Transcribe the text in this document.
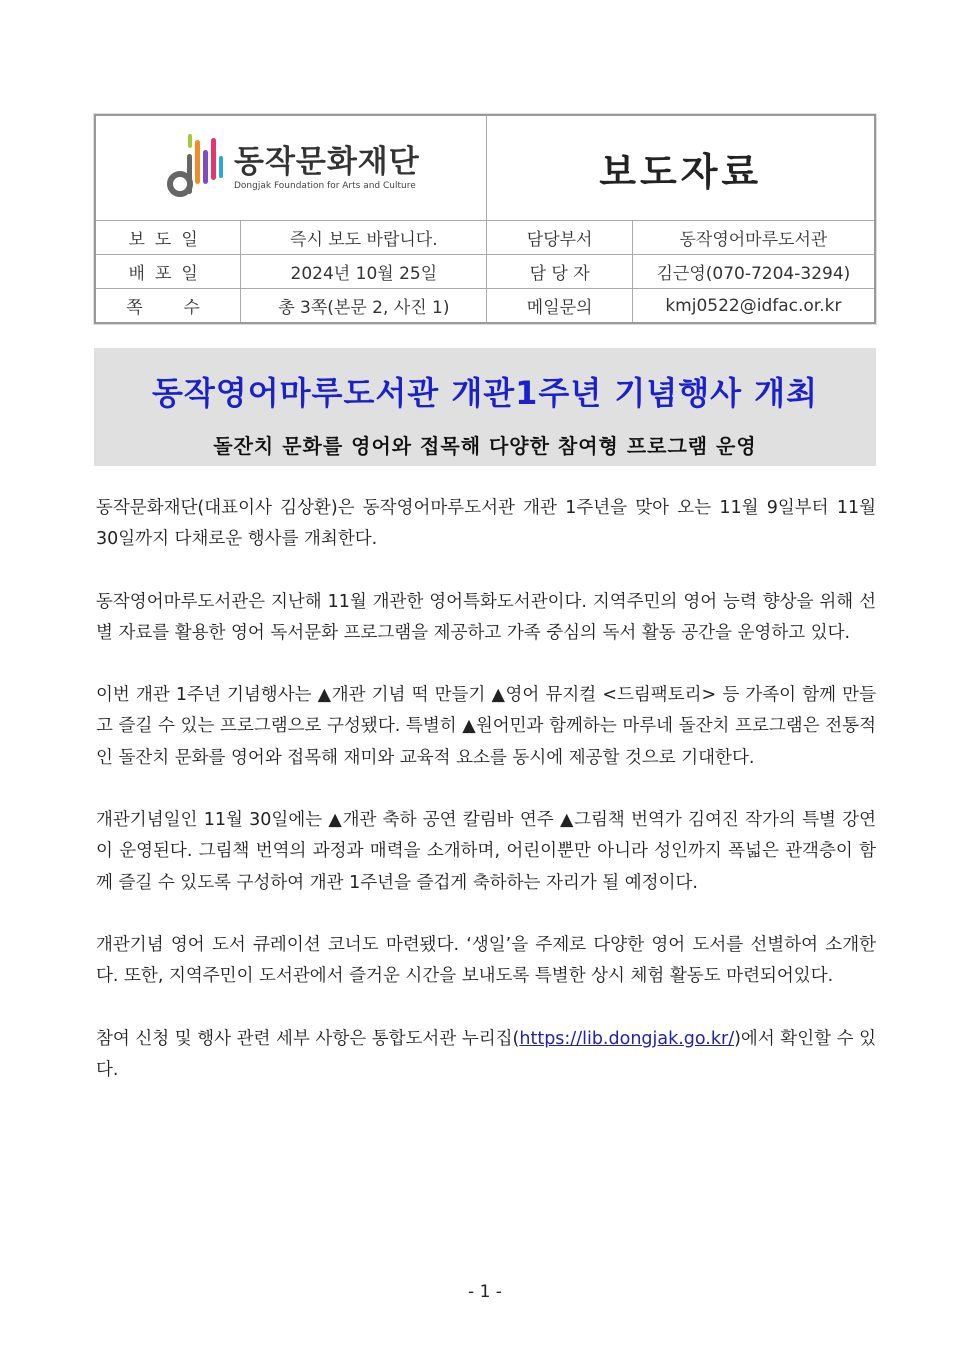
동작문화재단
Dongjak Foundation for Arts and Culture		보도자료	

보도일	즉시 보도 바랍니다.	담당부서	동작영어마루도서관
배포일	2024년 10월 25일	담 당 자	김근영(070-7204-3294)
쪽  수	총 3쪽(본문 2, 사진 1)	메일문의	kmj0522@idfac.or.kr
동작영어마루도서관 개관1주년 기념행사 개최
돌잔치 문화를 영어와 접목해 다양한 참여형 프로그램 운영

동작문화재단(대표이사 김상환)은 동작영어마루도서관 개관 1주년을 맞아 오는 11월 9일부터 11월 30일까지 다채로운 행사를 개최한다.

동작영어마루도서관은 지난해 11월 개관한 영어특화도서관이다. 지역주민의 영어 능력 향상을 위해 선별 자료를 활용한 영어 독서문화 프로그램을 제공하고 가족 중심의 독서 활동 공간을 운영하고 있다.

이번 개관 1주년 기념행사는 ▲개관 기념 떡 만들기 ▲영어 뮤지컬 <드림팩토리> 등 가족이 함께 만들고 즐길 수 있는 프로그램으로 구성됐다. 특별히 ▲원어민과 함께하는 마루네 돌잔치 프로그램은 전통적인 돌잔치 문화를 영어와 접목해 재미와 교육적 요소를 동시에 제공할 것으로 기대한다.

개관기념일인 11월 30일에는 ▲개관 축하 공연 칼림바 연주 ▲그림책 번역가 김여진 작가의 특별 강연이 운영된다. 그림책 번역의 과정과 매력을 소개하며, 어린이뿐만 아니라 성인까지 폭넓은 관객층이 함께 즐길 수 있도록 구성하여 개관 1주년을 즐겁게 축하하는 자리가 될 예정이다.

개관기념 영어 도서 큐레이션 코너도 마련됐다. ‘생일’을 주제로 다양한 영어 도서를 선별하여 소개한다. 또한, 지역주민이 도서관에서 즐거운 시간을 보내도록 특별한 상시 체험 활동도 마련되어있다.

참여 신청 및 행사 관련 세부 사항은 통합도서관 누리집(https://lib.dongjak.go.kr/)에서 확인할 수 있다.

- 1 -
